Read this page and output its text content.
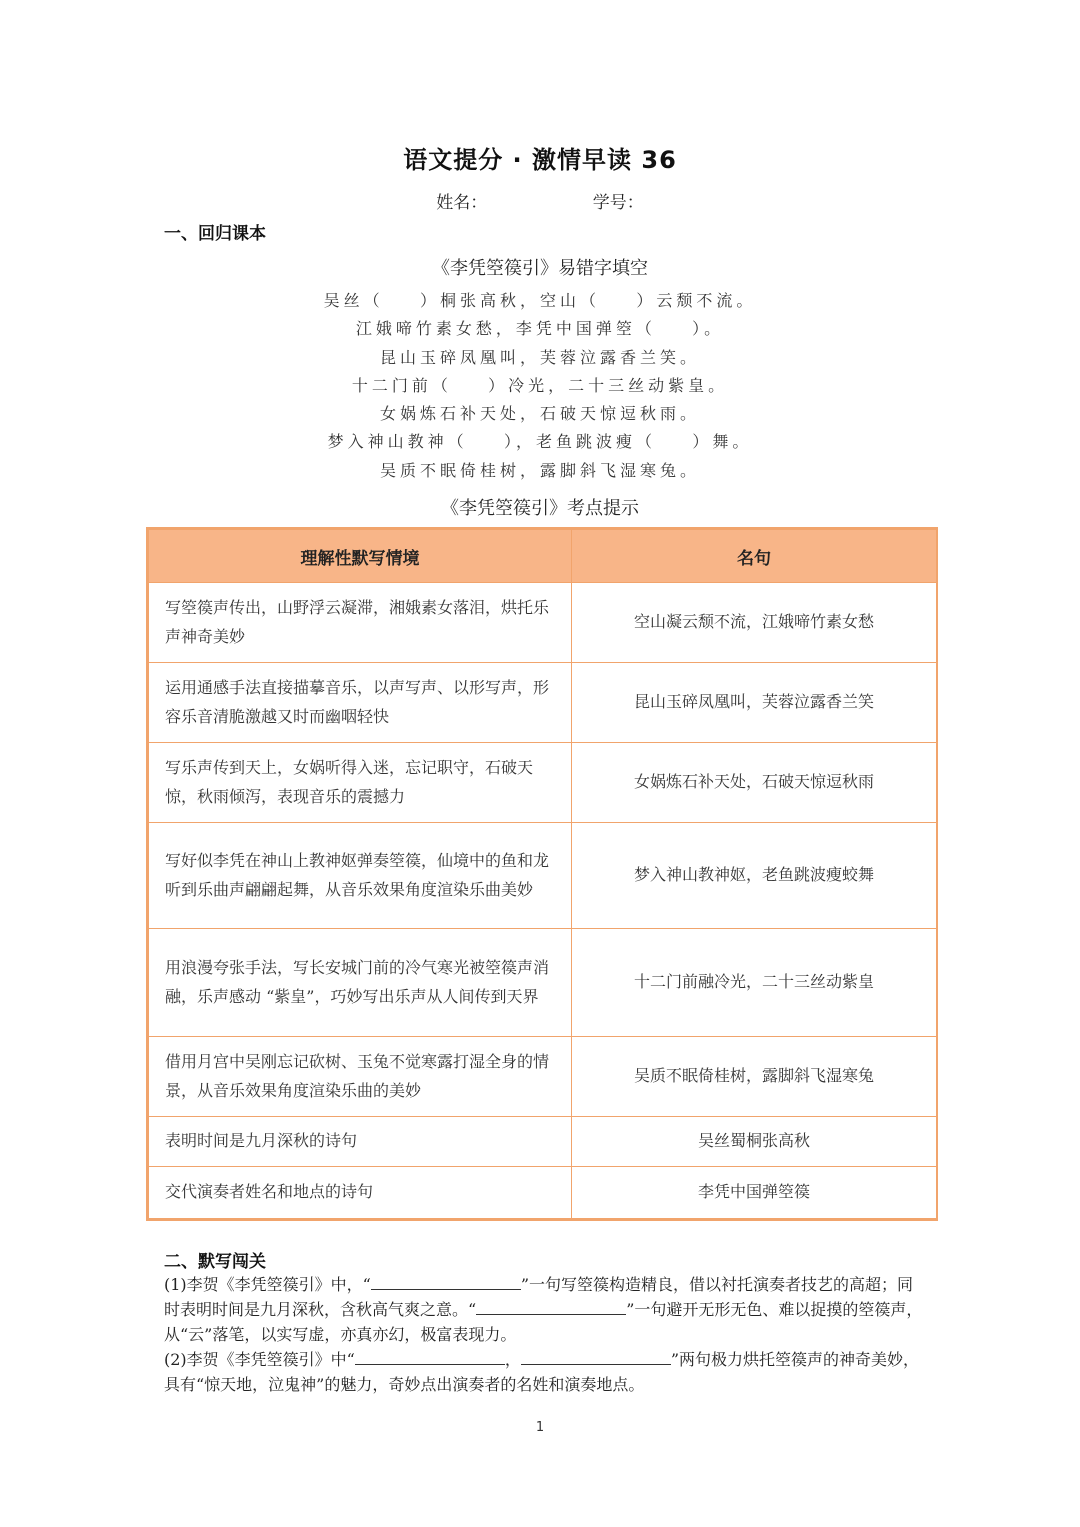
语文提分 · 激情早读 36
姓名：	学号：
一、回归课本
《李凭箜篌引》易错字填空
吴丝（    ）桐张高秋，空山（    ）云颓不流。
江娥啼竹素女愁，李凭中国弹箜（    ）。
昆山玉碎凤凰叫，芙蓉泣露香兰笑。
十二门前（    ）冷光，二十三丝动紫皇。
女娲炼石补天处，石破天惊逗秋雨。
梦入神山教神（    ），老鱼跳波瘦（    ）舞。
吴质不眠倚桂树，露脚斜飞湿寒兔。
《李凭箜篌引》考点提示
理解性默写情境	名句
写箜篌声传出，山野浮云凝滞，湘娥素女落泪，烘托乐声神奇美妙	空山凝云颓不流，江娥啼竹素女愁
运用通感手法直接描摹音乐，以声写声、以形写声，形容乐音清脆激越又时而幽咽轻快	昆山玉碎凤凰叫，芙蓉泣露香兰笑
写乐声传到天上，女娲听得入迷，忘记职守，石破天惊，秋雨倾泻，表现音乐的震撼力	女娲炼石补天处，石破天惊逗秋雨
写好似李凭在神山上教神妪弹奏箜篌，仙境中的鱼和龙听到乐曲声翩翩起舞，从音乐效果角度渲染乐曲美妙	梦入神山教神妪，老鱼跳波瘦蛟舞
用浪漫夸张手法，写长安城门前的冷气寒光被箜篌声消融，乐声感动 “紫皇”，巧妙写出乐声从人间传到天界	十二门前融冷光，二十三丝动紫皇
借用月宫中吴刚忘记砍树、玉兔不觉寒露打湿全身的情景，从音乐效果角度渲染乐曲的美妙	吴质不眠倚桂树，露脚斜飞湿寒兔
表明时间是九月深秋的诗句	吴丝蜀桐张高秋
交代演奏者姓名和地点的诗句	李凭中国弹箜篌
二、默写闯关

(1)李贺《李凭箜篌引》中，“	”一句写箜篌构造精良，借以衬托演奏者技艺的高超；同时表明时间是九月深秋，含秋高气爽之意。“	”一句避开无形无色、难以捉摸的箜篌声，从“云”落笔，以实写虚，亦真亦幻，极富表现力。

(2)李贺《李凭箜篌引》中“	，	”两句极力烘托箜篌声的神奇美妙，具有“惊天地，泣鬼神”的魅力，奇妙点出演奏者的名姓和演奏地点。

1
